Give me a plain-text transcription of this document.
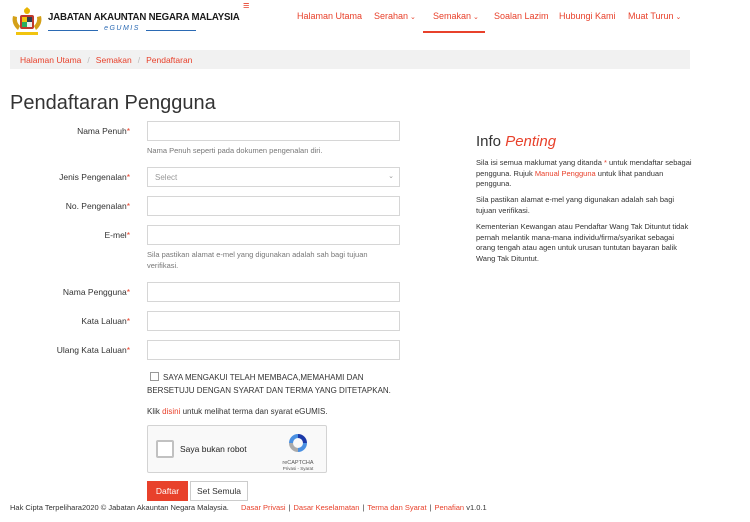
JABATAN AKAUNTAN NEGARA MALAYSIA
eGUMIS
≡
Halaman Utama Serahan ⌄ Semakan ⌄ Soalan Lazim Hubungi Kami Muat Turun ⌄
Halaman Utama / Semakan / Pendaftaran
Pendaftaran Pengguna
Nama Penuh*
Nama Penuh seperti pada dokumen pengenalan diri.
Jenis Pengenalan*	Select	⌄
No. Pengenalan*
E-mel*
Sila pastikan alamat e-mel yang digunakan adalah sah bagi tujuan verifikasi.
Nama Pengguna*
Kata Laluan*
Ulang Kata Laluan*
SAYA MENGAKUI TELAH MEMBACA,MEMAHAMI DAN
BERSETUJU DENGAN SYARAT DAN TERMA YANG DITETAPKAN.
Klik disini untuk melihat terma dan syarat eGUMIS.
Saya bukan robot
reCAPTCHA
Privasi - Syarat
Daftar	Set Semula
Info Penting
Sila isi semua maklumat yang ditanda * untuk mendaftar sebagai pengguna. Rujuk Manual Pengguna untuk lihat panduan pengguna.
Sila pastikan alamat e-mel yang digunakan adalah sah bagi tujuan verifikasi.
Kementerian Kewangan atau Pendaftar Wang Tak Dituntut tidak pernah melantik mana-mana individu/firma/syarikat sebagai orang tengah atau agen untuk urusan tuntutan bayaran balik Wang Tak Dituntut.
Hak Cipta Terpelihara2020 © Jabatan Akauntan Negara Malaysia. Dasar Privasi | Dasar Keselamatan | Terma dan Syarat | Penafian v1.0.1
